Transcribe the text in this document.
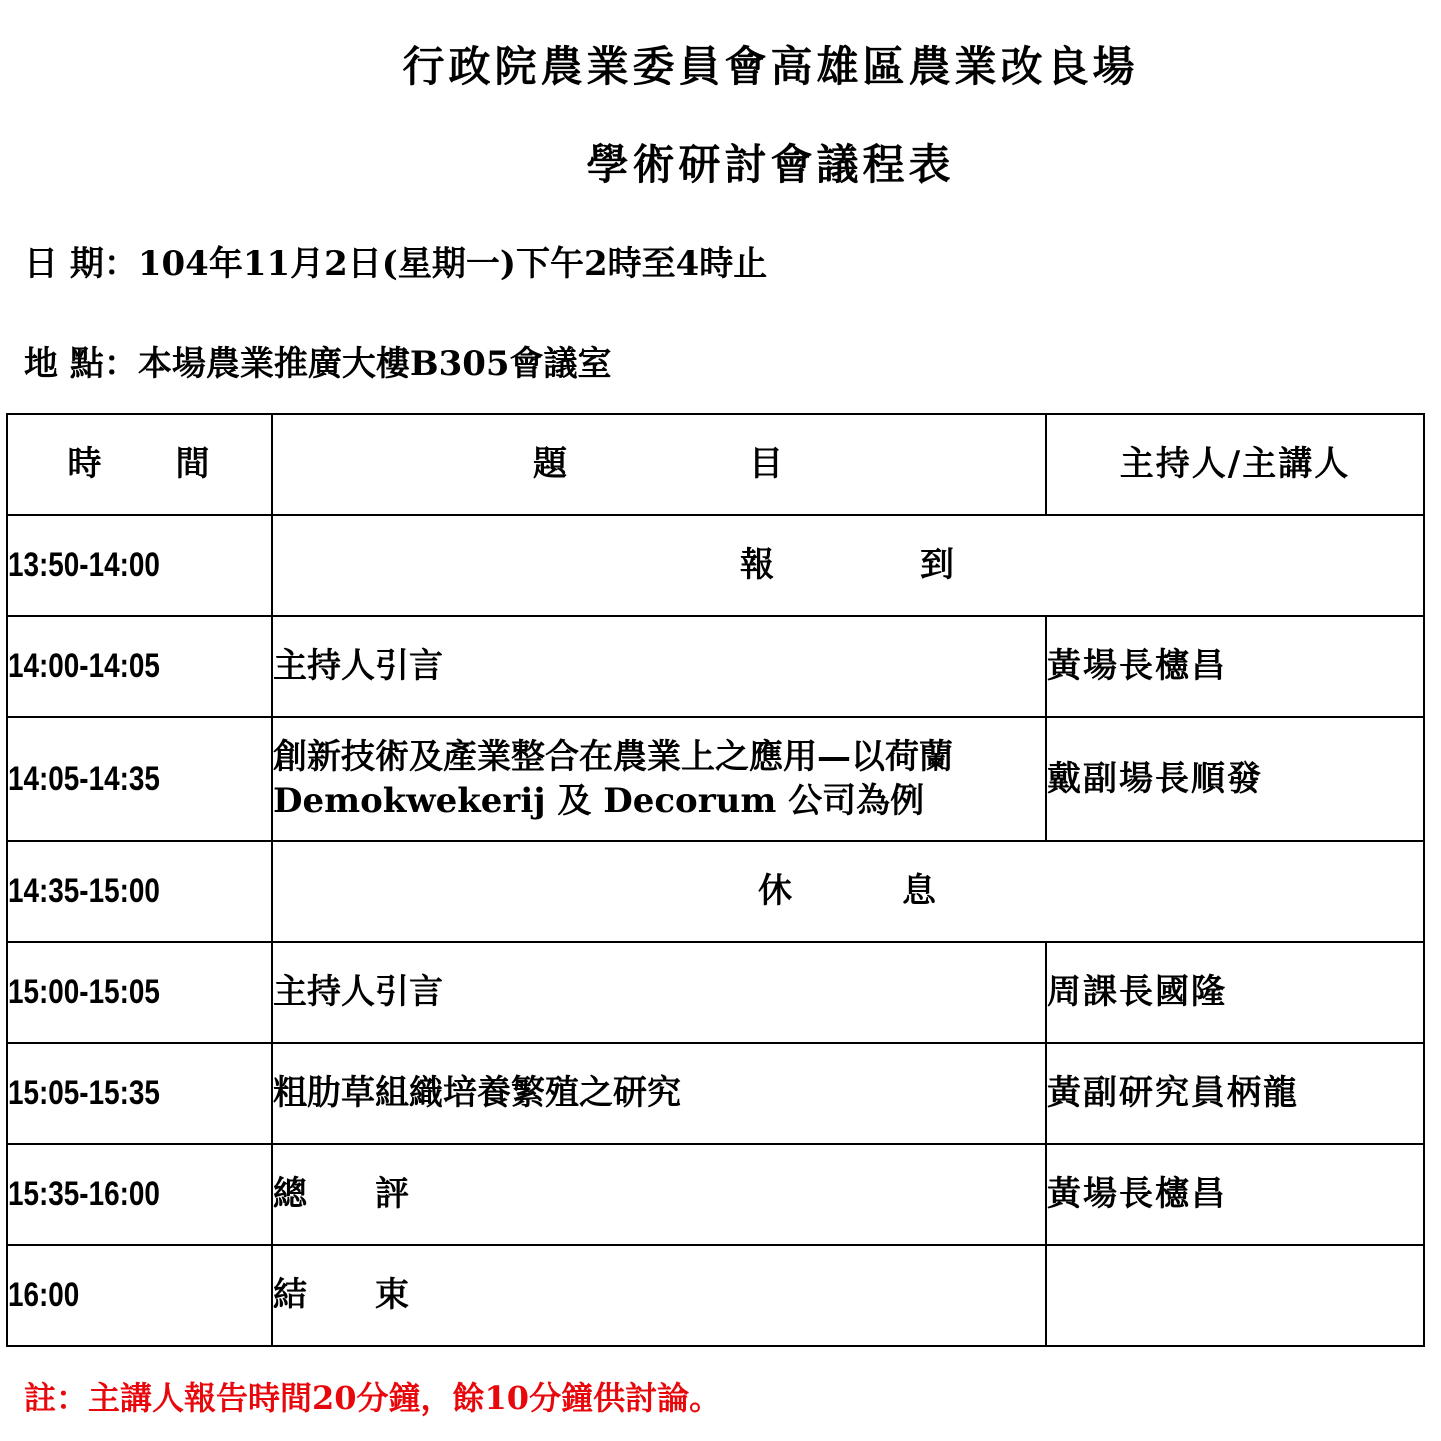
行政院農業委員會高雄區農業改良場
學術研討會議程表
日 期：104年11月2日(星期一)下午2時至4時止
地 點：本場農業推廣大樓B305會議室
時　　間	題　　　　　目	主持人/主講人
13:50-14:00	報　　　　到	
14:00-14:05	主持人引言	黃場長櫶昌
14:05-14:35	創新技術及產業整合在農業上之應用—以荷蘭 Demokwekerij 及 Decorum 公司為例	戴副場長順發
14:35-15:00	休　　　息	
15:00-15:05	主持人引言	周課長國隆
15:05-15:35	粗肋草組織培養繁殖之研究	黃副研究員柄龍
15:35-16:00	總　　評	黃場長櫶昌
16:00	結　　束	
註：主講人報告時間20分鐘，餘10分鐘供討論。
